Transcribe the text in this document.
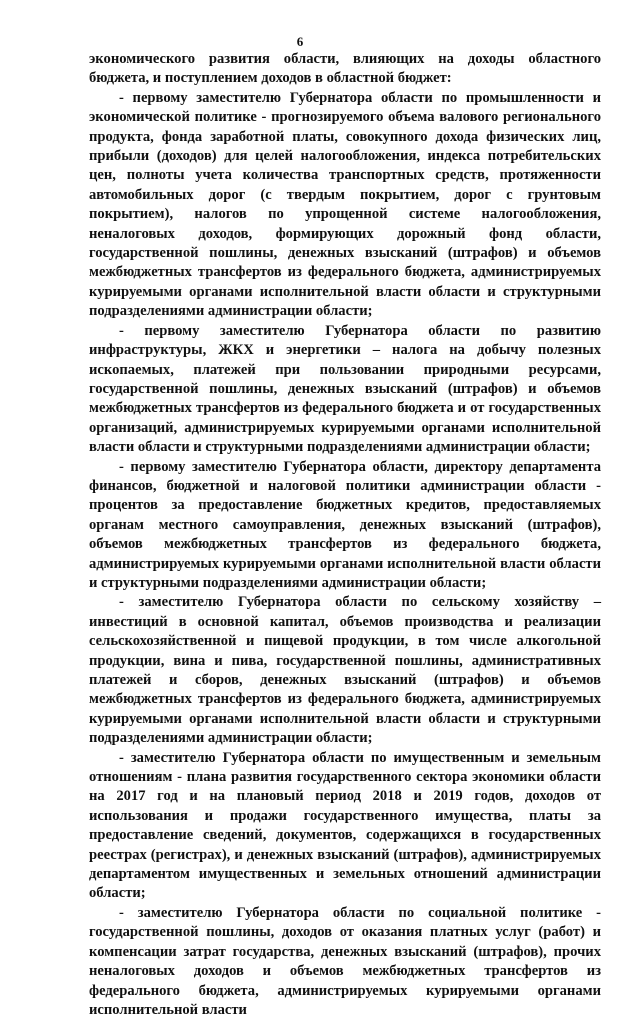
6

экономического развития области, влияющих на доходы областного бюджета, и поступлением доходов в областной бюджет:

- первому заместителю Губернатора области по промышленности и экономической политике - прогнозируемого объема валового регионального продукта, фонда заработной платы, совокупного дохода физических лиц, прибыли (доходов) для целей налогообложения, индекса потребительских цен, полноты учета количества транспортных средств, протяженности автомобильных дорог (с твердым покрытием, дорог с грунтовым покрытием), налогов по упрощенной системе налогообложения, неналоговых доходов, формирующих дорожный фонд области, государственной пошлины, денежных взысканий (штрафов) и объемов межбюджетных трансфертов из федерального бюджета, администрируемых курируемыми органами исполнительной власти области и структурными подразделениями администрации области;

- первому заместителю Губернатора области по развитию инфраструктуры, ЖКХ и энергетики – налога на добычу полезных ископаемых, платежей при пользовании природными ресурсами, государственной пошлины, денежных взысканий (штрафов) и объемов межбюджетных трансфертов из федерального бюджета и от государственных организаций, администрируемых курируемыми органами исполнительной власти области и структурными подразделениями администрации области;

- первому заместителю Губернатора области, директору департамента финансов, бюджетной и налоговой политики администрации области - процентов за предоставление бюджетных кредитов, предоставляемых органам местного самоуправления, денежных взысканий (штрафов), объемов межбюджетных трансфертов из федерального бюджета, администрируемых курируемыми органами исполнительной власти области и структурными подразделениями администрации области;

- заместителю Губернатора области по сельскому хозяйству – инвестиций в основной капитал, объемов производства и реализации сельскохозяйственной и пищевой продукции, в том числе алкогольной продукции, вина и пива, государственной пошлины, административных платежей и сборов, денежных взысканий (штрафов) и объемов межбюджетных трансфертов из федерального бюджета, администрируемых курируемыми органами исполнительной власти области и структурными подразделениями администрации области;

- заместителю Губернатора области по имущественным и земельным отношениям - плана развития государственного сектора экономики области на 2017 год и на плановый период 2018 и 2019 годов, доходов от использования и продажи государственного имущества, платы за предоставление сведений, документов, содержащихся в государственных реестрах (регистрах), и денежных взысканий (штрафов), администрируемых департаментом имущественных и земельных отношений администрации области;

- заместителю Губернатора области по социальной политике - государственной пошлины, доходов от оказания платных услуг (работ) и компенсации затрат государства, денежных взысканий (штрафов), прочих неналоговых доходов и объемов межбюджетных трансфертов из федерального бюджета, администрируемых курируемыми органами исполнительной власти
